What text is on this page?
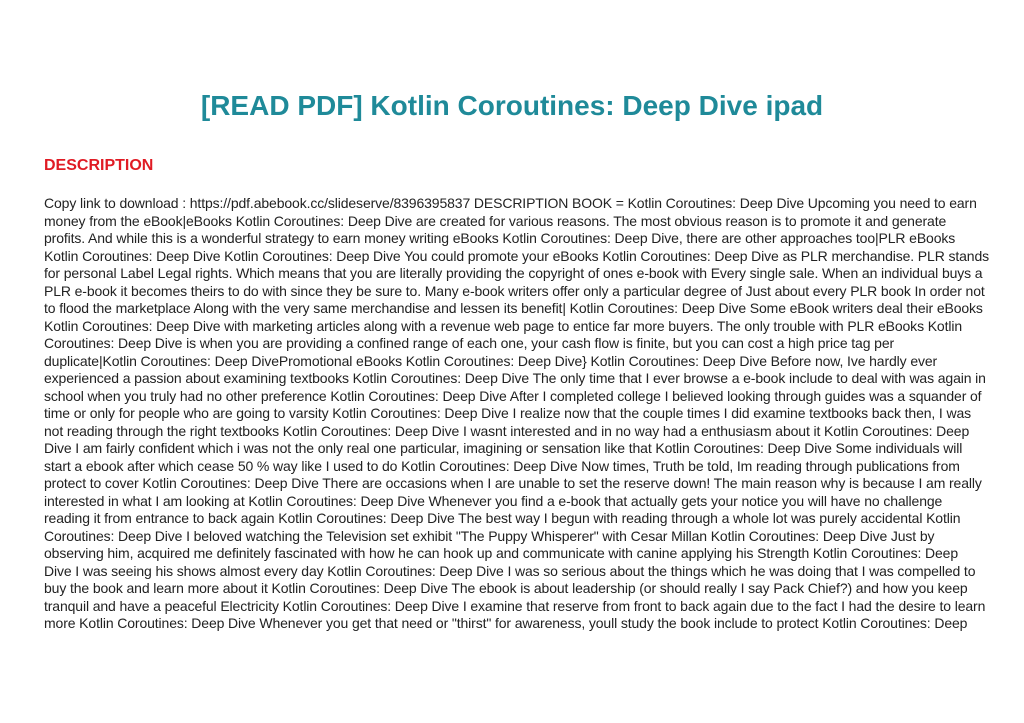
[READ PDF] Kotlin Coroutines: Deep Dive ipad
DESCRIPTION

Copy link to download : https://pdf.abebook.cc/slideserve/8396395837 DESCRIPTION BOOK = Kotlin Coroutines: Deep Dive Upcoming you need to earn money from the eBook|eBooks Kotlin Coroutines: Deep Dive are created for various reasons. The most obvious reason is to promote it and generate profits. And while this is a wonderful strategy to earn money writing eBooks Kotlin Coroutines: Deep Dive, there are other approaches too|PLR eBooks Kotlin Coroutines: Deep Dive Kotlin Coroutines: Deep Dive You could promote your eBooks Kotlin Coroutines: Deep Dive as PLR merchandise. PLR stands for personal Label Legal rights. Which means that you are literally providing the copyright of ones e-book with Every single sale. When an individual buys a PLR e-book it becomes theirs to do with since they be sure to. Many e-book writers offer only a particular degree of Just about every PLR book In order not to flood the marketplace Along with the very same merchandise and lessen its benefit| Kotlin Coroutines: Deep Dive Some eBook writers deal their eBooks Kotlin Coroutines: Deep Dive with marketing articles along with a revenue web page to entice far more buyers. The only trouble with PLR eBooks Kotlin Coroutines: Deep Dive is when you are providing a confined range of each one, your cash flow is finite, but you can cost a high price tag per duplicate|Kotlin Coroutines: Deep DivePromotional eBooks Kotlin Coroutines: Deep Dive} Kotlin Coroutines: Deep Dive Before now, Ive hardly ever experienced a passion about examining textbooks Kotlin Coroutines: Deep Dive The only time that I ever browse a e-book include to deal with was again in school when you truly had no other preference Kotlin Coroutines: Deep Dive After I completed college I believed looking through guides was a squander of time or only for people who are going to varsity Kotlin Coroutines: Deep Dive I realize now that the couple times I did examine textbooks back then, I was not reading through the right textbooks Kotlin Coroutines: Deep Dive I wasnt interested and in no way had a enthusiasm about it Kotlin Coroutines: Deep Dive I am fairly confident which i was not the only real one particular, imagining or sensation like that Kotlin Coroutines: Deep Dive Some individuals will start a ebook after which cease 50 % way like I used to do Kotlin Coroutines: Deep Dive Now times, Truth be told, Im reading through publications from protect to cover Kotlin Coroutines: Deep Dive There are occasions when I are unable to set the reserve down! The main reason why is because I am really interested in what I am looking at Kotlin Coroutines: Deep Dive Whenever you find a e-book that actually gets your notice you will have no challenge reading it from entrance to back again Kotlin Coroutines: Deep Dive The best way I begun with reading through a whole lot was purely accidental Kotlin Coroutines: Deep Dive I beloved watching the Television set exhibit "The Puppy Whisperer" with Cesar Millan Kotlin Coroutines: Deep Dive Just by observing him, acquired me definitely fascinated with how he can hook up and communicate with canine applying his Strength Kotlin Coroutines: Deep Dive I was seeing his shows almost every day Kotlin Coroutines: Deep Dive I was so serious about the things which he was doing that I was compelled to buy the book and learn more about it Kotlin Coroutines: Deep Dive The ebook is about leadership (or should really I say Pack Chief?) and how you keep tranquil and have a peaceful Electricity Kotlin Coroutines: Deep Dive I examine that reserve from front to back again due to the fact I had the desire to learn more Kotlin Coroutines: Deep Dive Whenever you get that need or "thirst" for awareness, youll study the book include to protect Kotlin Coroutines: Deep
